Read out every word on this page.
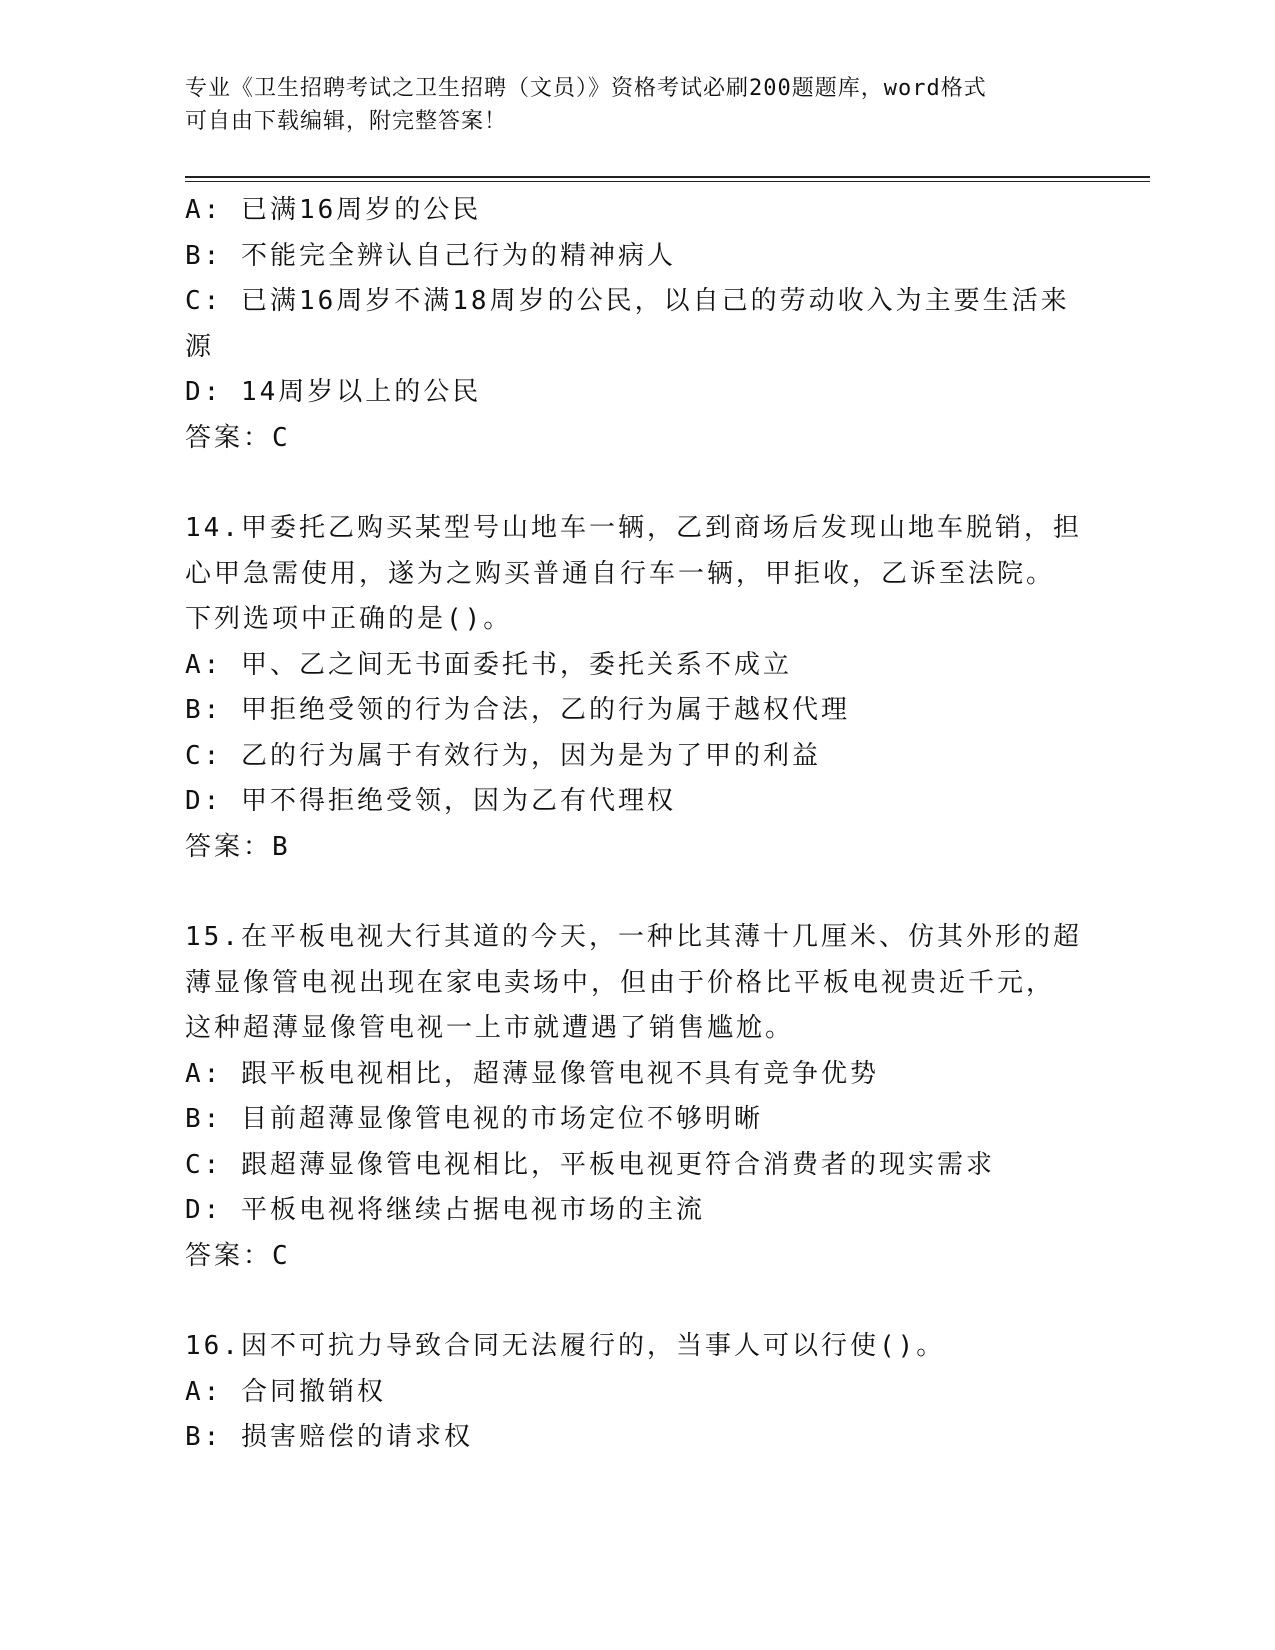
专业《卫生招聘考试之卫生招聘（文员）》资格考试必刷200题题库，word格式
可自由下载编辑，附完整答案！
A: 已满16周岁的公民
B: 不能完全辨认自己行为的精神病人
C: 已满16周岁不满18周岁的公民，以自己的劳动收入为主要生活来
源
D: 14周岁以上的公民
答案：C
14.甲委托乙购买某型号山地车一辆，乙到商场后发现山地车脱销，担
心甲急需使用，遂为之购买普通自行车一辆，甲拒收，乙诉至法院。
下列选项中正确的是()。
A: 甲、乙之间无书面委托书，委托关系不成立
B: 甲拒绝受领的行为合法，乙的行为属于越权代理
C: 乙的行为属于有效行为，因为是为了甲的利益
D: 甲不得拒绝受领，因为乙有代理权
答案：B
15.在平板电视大行其道的今天，一种比其薄十几厘米、仿其外形的超
薄显像管电视出现在家电卖场中，但由于价格比平板电视贵近千元，
这种超薄显像管电视一上市就遭遇了销售尴尬。
A: 跟平板电视相比，超薄显像管电视不具有竞争优势
B: 目前超薄显像管电视的市场定位不够明晰
C: 跟超薄显像管电视相比，平板电视更符合消费者的现实需求
D: 平板电视将继续占据电视市场的主流
答案：C
16.因不可抗力导致合同无法履行的，当事人可以行使()。
A: 合同撤销权
B: 损害赔偿的请求权
